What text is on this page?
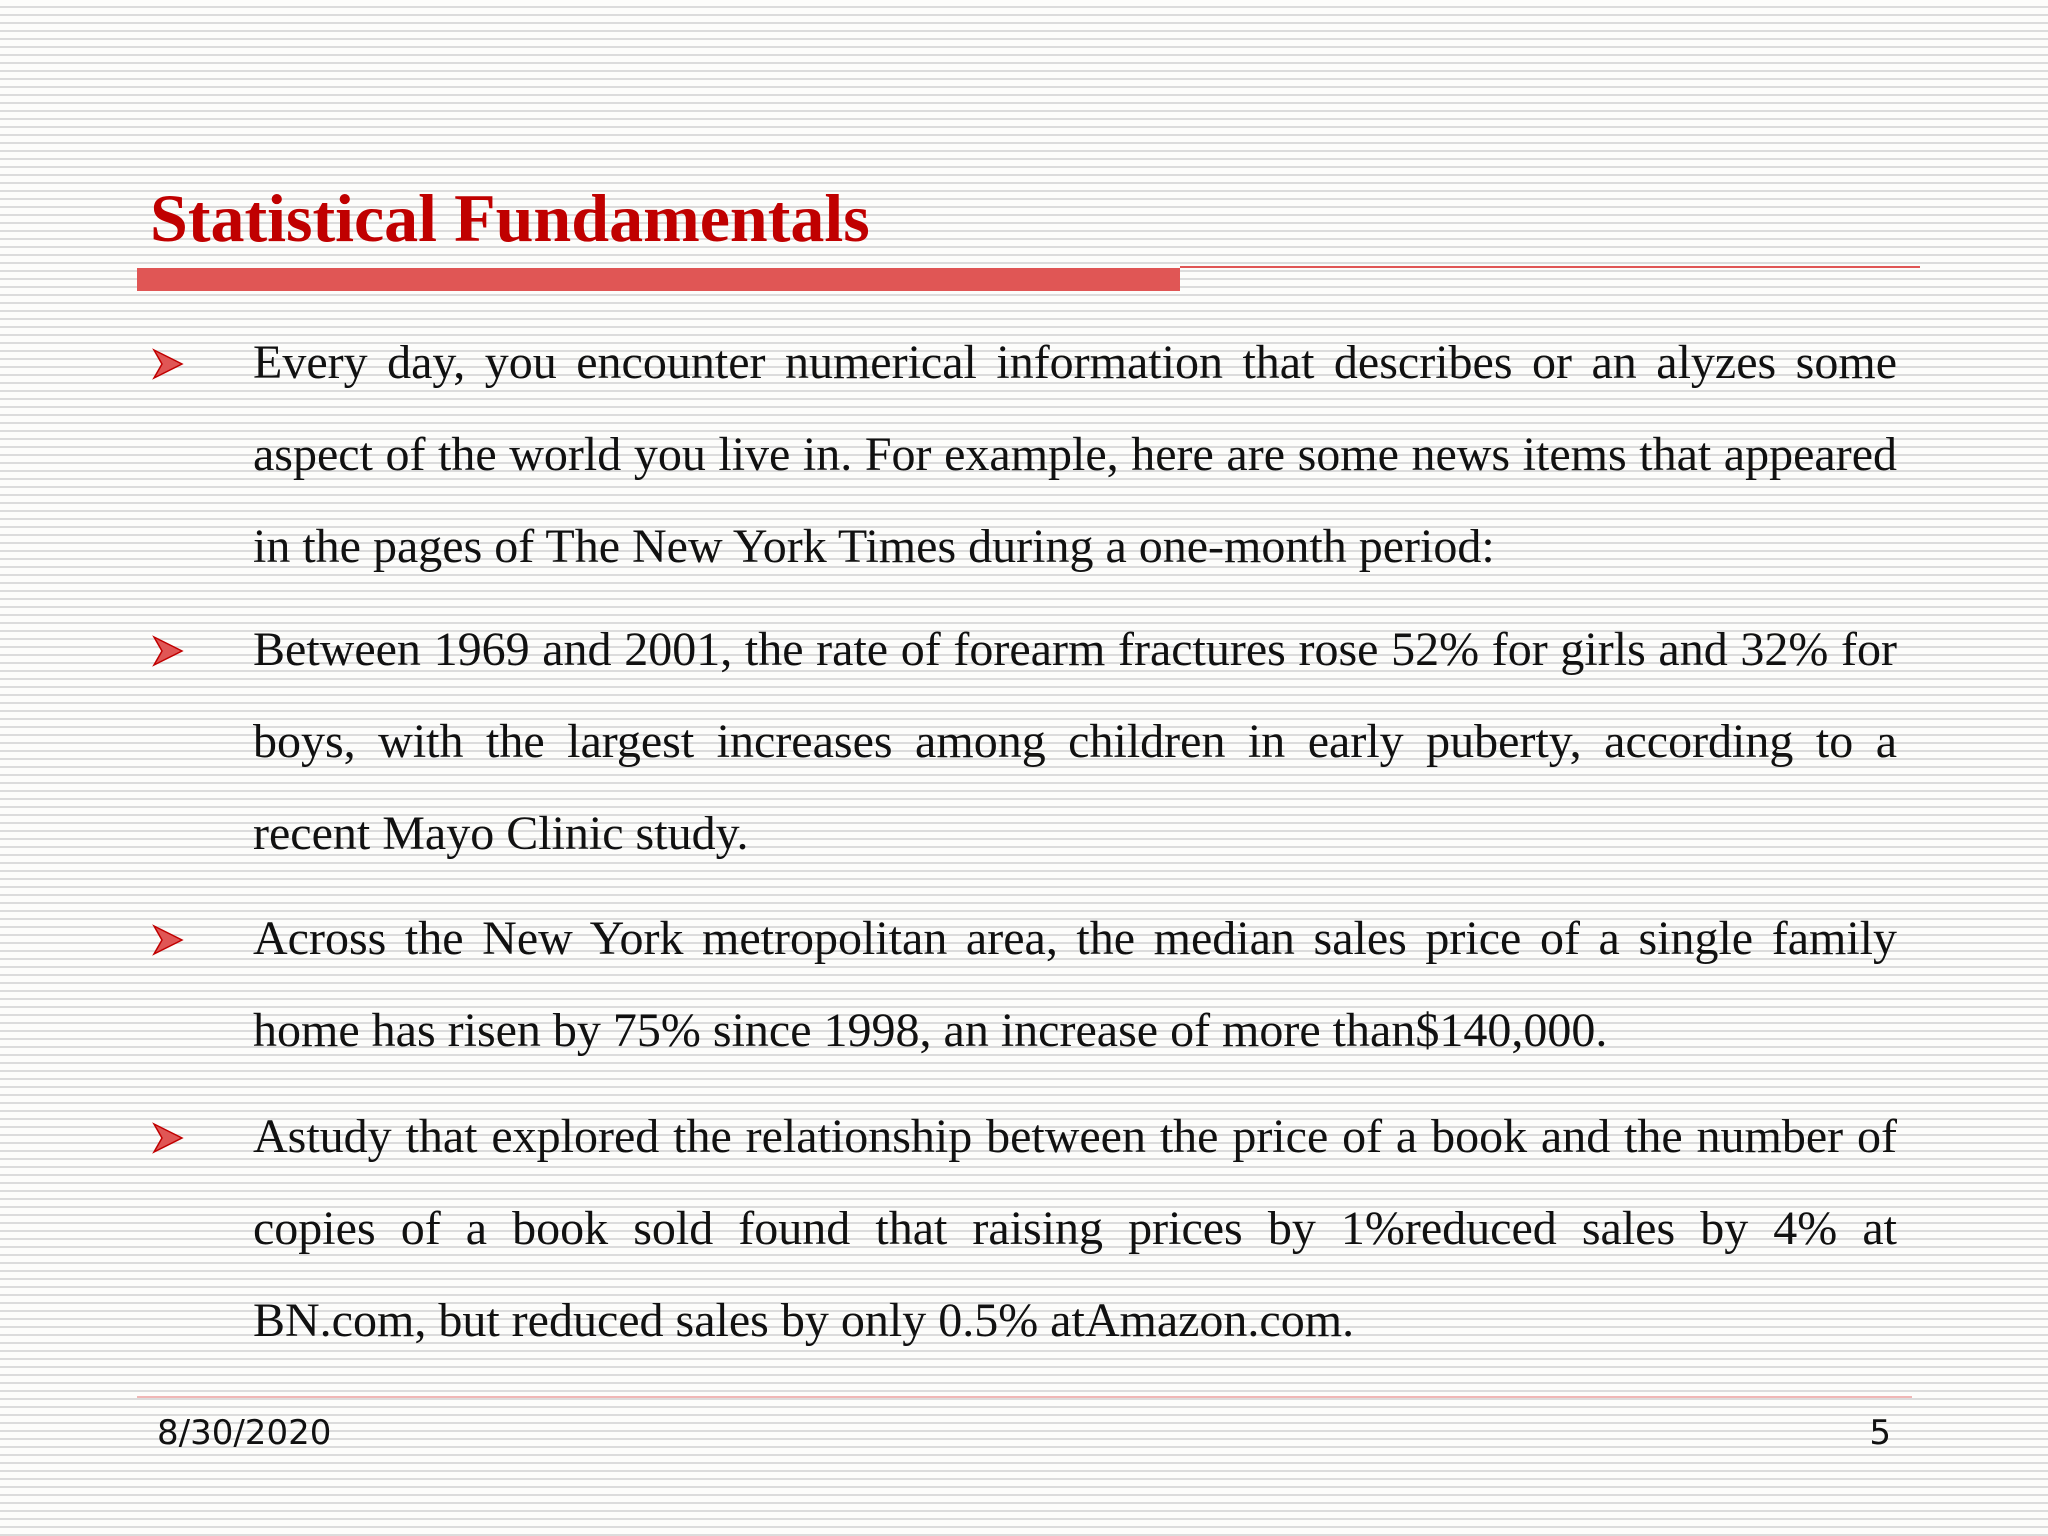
Statistical Fundamentals

Every day, you encounter numerical information that describes or an alyzes some aspect of the world you live in. For example, here are some news items that appeared in the pages of The New York Times during a one-month period:

Between 1969 and 2001, the rate of forearm fractures rose 52% for girls and 32% for boys, with the largest increases among children in early puberty, according to a recent Mayo Clinic study.

Across the New York metropolitan area, the median sales price of a single family home has risen by 75% since 1998, an increase of more than$140,000.

Astudy that explored the relationship between the price of a book and the number of copies of a book sold found that raising prices by 1%reduced sales by 4% at BN.com, but reduced sales by only 0.5% atAmazon.com.

8/30/2020	5
